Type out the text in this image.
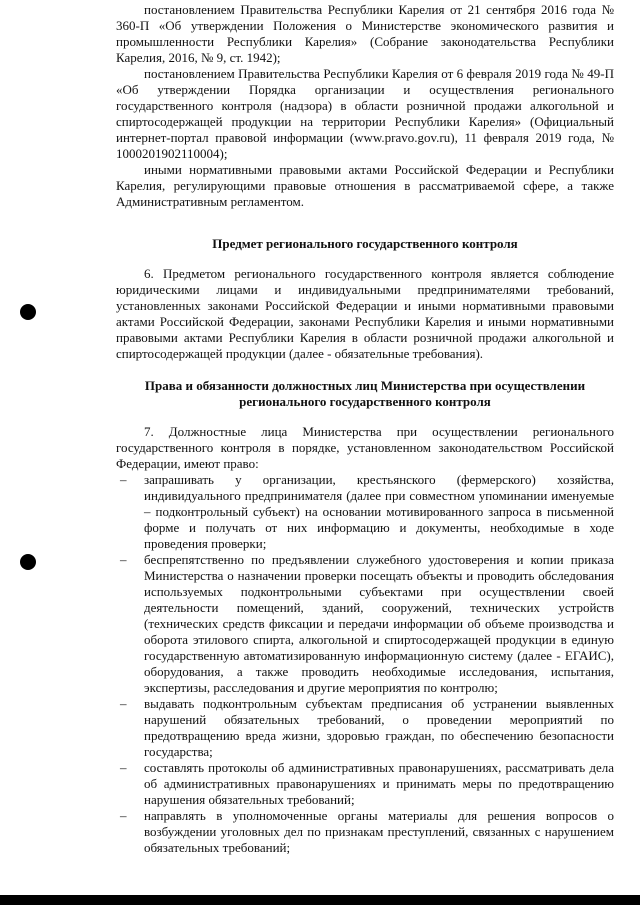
постановлением Правительства Республики Карелия от 21 сентября 2016 года № 360-П «Об утверждении Положения о Министерстве экономического развития и промышленности Республики Карелия» (Собрание законодательства Республики Карелия, 2016, № 9, ст. 1942);

постановлением Правительства Республики Карелия от 6 февраля 2019 года № 49-П «Об утверждении Порядка организации и осуществления регионального государственного контроля (надзора) в области розничной продажи алкогольной и спиртосодержащей продукции на территории Республики Карелия» (Официальный интернет-портал правовой информации (www.pravo.gov.ru), 11 февраля 2019 года, № 1000201902110004);

иными нормативными правовыми актами Российской Федерации и Республики Карелия, регулирующими правовые отношения в рассматриваемой сфере, а также Административным регламентом.

Предмет регионального государственного контроля

6. Предметом регионального государственного контроля является соблюдение юридическими лицами и индивидуальными предпринимателями требований, установленных законами Российской Федерации и иными нормативными правовыми актами Российской Федерации, законами Республики Карелия и иными нормативными правовыми актами Республики Карелия в области розничной продажи алкогольной и спиртосодержащей продукции (далее - обязательные требования).

Права и обязанности должностных лиц Министерства при осуществлении
регионального государственного контроля

7. Должностные лица Министерства при осуществлении регионального государственного контроля в порядке, установленном законодательством Российской Федерации, имеют право:

– запрашивать у организации, крестьянского (фермерского) хозяйства, индивидуального предпринимателя (далее при совместном упоминании именуемые – подконтрольный субъект) на основании мотивированного запроса в письменной форме и получать от них информацию и документы, необходимые в ходе проведения проверки;
– беспрепятственно по предъявлении служебного удостоверения и копии приказа Министерства о назначении проверки посещать объекты и проводить обследования используемых подконтрольными субъектами при осуществлении своей деятельности помещений, зданий, сооружений, технических устройств (технических средств фиксации и передачи информации об объеме производства и оборота этилового спирта, алкогольной и спиртосодержащей продукции в единую государственную автоматизированную информационную систему (далее - ЕГАИС), оборудования, а также проводить необходимые исследования, испытания, экспертизы, расследования и другие мероприятия по контролю;
– выдавать подконтрольным субъектам предписания об устранении выявленных нарушений обязательных требований, о проведении мероприятий по предотвращению вреда жизни, здоровью граждан, по обеспечению безопасности государства;
– составлять протоколы об административных правонарушениях, рассматривать дела об административных правонарушениях и принимать меры по предотвращению нарушения обязательных требований;
– направлять в уполномоченные органы материалы для решения вопросов о возбуждении уголовных дел по признакам преступлений, связанных с нарушением обязательных требований;
